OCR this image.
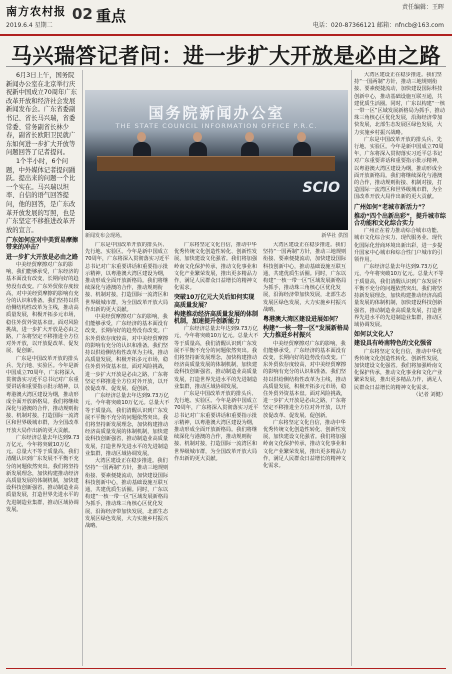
南方农村报
2019.6.4 星期二
02 重点	责任编辑：王晖
电话：020-87366121 邮箱：nfncb@163.com
马兴瑞答记者问：进一步扩大开放是必由之路

6月3日上午，国务院新闻办公室在北京举行庆祝新中国成立70周年广东改革开放和经济社会发展新闻发布会。广东省委副书记、省长马兴瑞，省委常委、常务副省长林少春，副省长欧阳卫民就广东如何进一步扩大开放等问题回答了记者提问。

1个半小时，6个问题，中外媒体记者提问踊跃。提出来的问题一个比一个实在。马兴瑞以坦率、自信的语气回答提问，他的回答，是广东改革开放发展的写照，也是广东坚定不移推进改革开放的宣言。

广东如何应对中美贸易摩擦带来的冲击？

进一步扩大开放是必由之路

中美经贸摩擦对广东的影响，我们能够承受，广东经济的基本面没有改变，长期向好的趋势没有改变。广东外贸依存度较高，对中美经贸摩擦的影响有充分的认识和准备。我们坚持以供给侧结构性改革为主线，推动高质量发展，积极开拓多元市场，稳住外贸外资基本盘。面对风险挑战，进一步扩大开放是必由之路，广东将坚定不移推进全方位对外开放，以开放促改革、促发展、促创新。

广东是中国改革开放的排头兵、先行地、实验区。今年是新中国成立70周年，广东将深入贯彻落实习近平总书记对广东重要讲话和重要指示批示精神，以粤港澳大湾区建设为纲，推动形成全面开放新格局。我们将继续深化与港澳的合作，推动规则衔接、机制对接，打造国际一流湾区和世界级城市群，为全国改革开放大局作出新的更大贡献。

广东经济总量去年达到9.73万亿元，今年将突破10万亿元。总量大不等于质量高，我们清醒认识到广东发展不平衡不充分的问题依然突出。我们将坚持新发展理念，加快构建推动经济高质量发展的体制机制，加快建设科技创新强省，推动制造业高质量发展，打造世界先进水平的先进制造业集群，推动区域协调发展。

国务院新闻办公室
THE STATE COUNCIL INFORMATION OFFICE P.R.C.
SCIO
新闻发布会现场。	新华社 供图

广东是中国改革开放的排头兵、先行地、实验区。今年是新中国成立70周年，广东将深入贯彻落实习近平总书记对广东重要讲话和重要指示批示精神，以粤港澳大湾区建设为纲，推动形成全面开放新格局。我们将继续深化与港澳的合作，推动规则衔接、机制对接，打造国际一流湾区和世界级城市群，为全国改革开放大局作出新的更大贡献。

中美经贸摩擦对广东的影响，我们能够承受，广东经济的基本面没有改变，长期向好的趋势没有改变。广东外贸依存度较高，对中美经贸摩擦的影响有充分的认识和准备。我们坚持以供给侧结构性改革为主线，推动高质量发展，积极开拓多元市场，稳住外贸外资基本盘。面对风险挑战，进一步扩大开放是必由之路，广东将坚定不移推进全方位对外开放，以开放促改革、促发展、促创新。

广东经济总量去年达到9.73万亿元，今年将突破10万亿元。总量大不等于质量高，我们清醒认识到广东发展不平衡不充分的问题依然突出。我们将坚持新发展理念，加快构建推动经济高质量发展的体制机制，加快建设科技创新强省，推动制造业高质量发展，打造世界先进水平的先进制造业集群，推动区域协调发展。

大湾区建设正在稳步推进。我们坚持“一国两制”方针，推动三地规则衔接、要素便捷流动，加快建设国际科技创新中心，推动基础设施互联互通，共建优质生活圈。同时，广东以构建“一核一带一区”区域发展新格局为抓手，推动珠三角核心区优化发展，沿海经济带加快发展，北部生态发展区绿色发展，大力实施乡村振兴战略。

广东将坚定文化自信，推动中华优秀传统文化创造性转化、创新性发展，加快建设文化强省。我们将加强岭南文化保护传承，推动文化事业和文化产业繁荣发展，推出更多精品力作，满足人民群众日益增长的精神文化需求。

突破10万亿元大关后如何实现高质量发展？

构建推动经济高质量发展的体制机制，加速提升创新能力

广东经济总量去年达到9.73万亿元，今年将突破10万亿元。总量大不等于质量高，我们清醒认识到广东发展不平衡不充分的问题依然突出。我们将坚持新发展理念，加快构建推动经济高质量发展的体制机制，加快建设科技创新强省，推动制造业高质量发展，打造世界先进水平的先进制造业集群，推动区域协调发展。

广东是中国改革开放的排头兵、先行地、实验区。今年是新中国成立70周年，广东将深入贯彻落实习近平总书记对广东重要讲话和重要指示批示精神，以粤港澳大湾区建设为纲，推动形成全面开放新格局。我们将继续深化与港澳的合作，推动规则衔接、机制对接，打造国际一流湾区和世界级城市群，为全国改革开放大局作出新的更大贡献。

大湾区建设正在稳步推进。我们坚持“一国两制”方针，推动三地规则衔接、要素便捷流动，加快建设国际科技创新中心，推动基础设施互联互通，共建优质生活圈。同时，广东以构建“一核一带一区”区域发展新格局为抓手，推动珠三角核心区优化发展，沿海经济带加快发展，北部生态发展区绿色发展，大力实施乡村振兴战略。

粤港澳大湾区建设进展如何？

构建“一核一带一区”发展新格局 大力推进乡村振兴

中美经贸摩擦对广东的影响，我们能够承受，广东经济的基本面没有改变，长期向好的趋势没有改变。广东外贸依存度较高，对中美经贸摩擦的影响有充分的认识和准备。我们坚持以供给侧结构性改革为主线，推动高质量发展，积极开拓多元市场，稳住外贸外资基本盘。面对风险挑战，进一步扩大开放是必由之路，广东将坚定不移推进全方位对外开放，以开放促改革、促发展、促创新。

广东将坚定文化自信，推动中华优秀传统文化创造性转化、创新性发展，加快建设文化强省。我们将加强岭南文化保护传承，推动文化事业和文化产业繁荣发展，推出更多精品力作，满足人民群众日益增长的精神文化需求。

大湾区建设正在稳步推进。我们坚持“一国两制”方针，推动三地规则衔接、要素便捷流动，加快建设国际科技创新中心，推动基础设施互联互通，共建优质生活圈。同时，广东以构建“一核一带一区”区域发展新格局为抓手，推动珠三角核心区优化发展，沿海经济带加快发展，北部生态发展区绿色发展，大力实施乡村振兴战略。

广东是中国改革开放的排头兵、先行地、实验区。今年是新中国成立70周年，广东将深入贯彻落实习近平总书记对广东重要讲话和重要指示批示精神，以粤港澳大湾区建设为纲，推动形成全面开放新格局。我们将继续深化与港澳的合作，推动规则衔接、机制对接，打造国际一流湾区和世界级城市群，为全国改革开放大局作出新的更大贡献。

广州如何“老城市新活力”？

推动“四个出新出彩”，提升城市综合功能和文化综合实力

广州正在着力推动综合城市功能、城市文化综合实力、现代服务业、现代化国际化营商环境出新出彩，进一步提升国家中心城市和综合性门户城市的引领作用。

广东经济总量去年达到9.73万亿元，今年将突破10万亿元。总量大不等于质量高，我们清醒认识到广东发展不平衡不充分的问题依然突出。我们将坚持新发展理念，加快构建推动经济高质量发展的体制机制，加快建设科技创新强省，推动制造业高质量发展，打造世界先进水平的先进制造业集群，推动区域协调发展。

如何以文化人？

建设具有岭南特色的文化强省

广东将坚定文化自信，推动中华优秀传统文化创造性转化、创新性发展，加快建设文化强省。我们将加强岭南文化保护传承，推动文化事业和文化产业繁荣发展，推出更多精品力作，满足人民群众日益增长的精神文化需求。

（记者 刘健）
